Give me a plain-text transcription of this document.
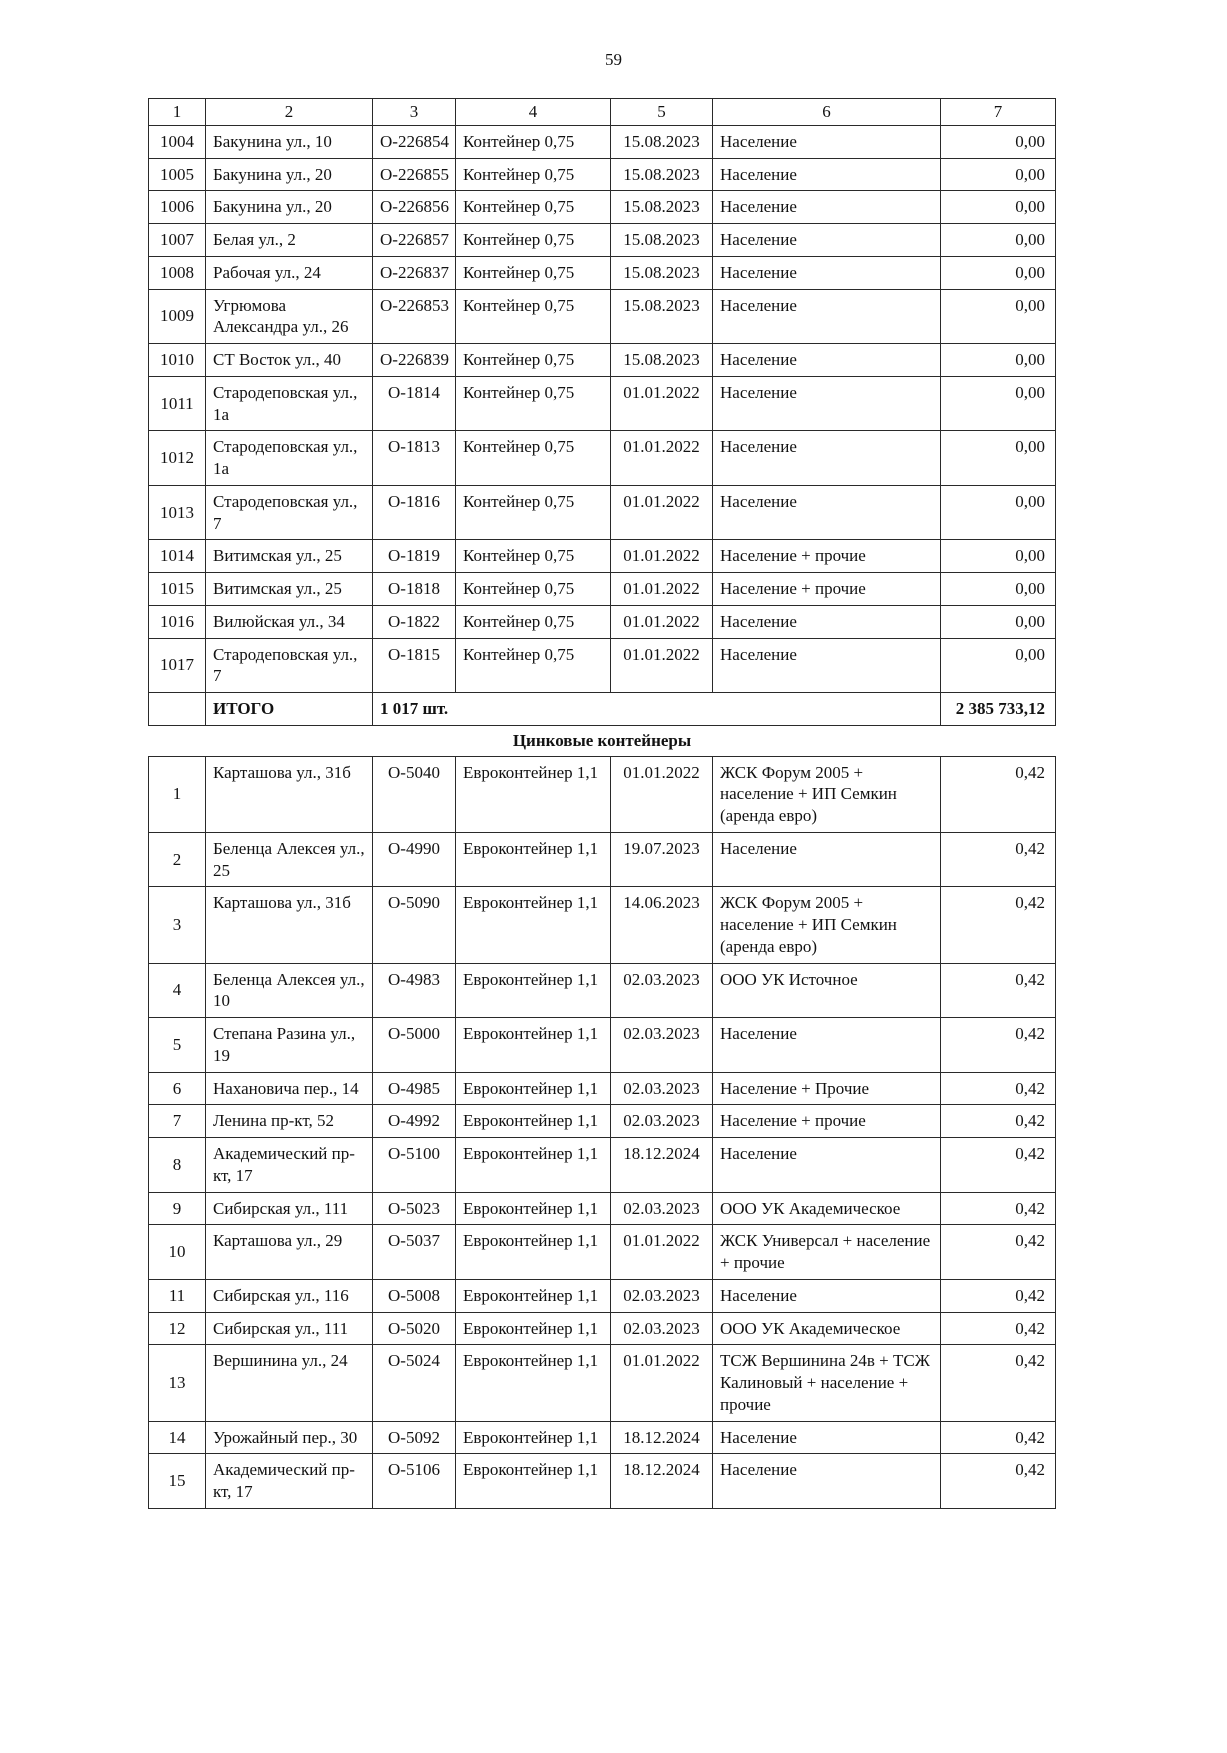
59
1	2	3	4	5	6	7
1004	Бакунина ул., 10	О-226854	Контейнер 0,75	15.08.2023	Население	0,00
1005	Бакунина ул., 20	О-226855	Контейнер 0,75	15.08.2023	Население	0,00
1006	Бакунина ул., 20	О-226856	Контейнер 0,75	15.08.2023	Население	0,00
1007	Белая ул., 2	О-226857	Контейнер 0,75	15.08.2023	Население	0,00
1008	Рабочая ул., 24	О-226837	Контейнер 0,75	15.08.2023	Население	0,00
1009	Угрюмова Александра ул., 26	О-226853	Контейнер 0,75	15.08.2023	Население	0,00
1010	СТ Восток ул., 40	О-226839	Контейнер 0,75	15.08.2023	Население	0,00
1011	Стародеповская ул., 1а	О-1814	Контейнер 0,75	01.01.2022	Население	0,00
1012	Стародеповская ул., 1а	О-1813	Контейнер 0,75	01.01.2022	Население	0,00
1013	Стародеповская ул., 7	О-1816	Контейнер 0,75	01.01.2022	Население	0,00
1014	Витимская ул., 25	О-1819	Контейнер 0,75	01.01.2022	Население + прочие	0,00
1015	Витимская ул., 25	О-1818	Контейнер 0,75	01.01.2022	Население + прочие	0,00
1016	Вилюйская ул., 34	О-1822	Контейнер 0,75	01.01.2022	Население	0,00
1017	Стародеповская ул., 7	О-1815	Контейнер 0,75	01.01.2022	Население	0,00
	ИТОГО	1 017 шт.				2 385 733,12
Цинковые контейнеры						
1	Карташова ул., 31б	О-5040	Евроконтейнер 1,1	01.01.2022	ЖСК Форум 2005 + население + ИП Семкин (аренда евро)	0,42
2	Беленца Алексея ул., 25	О-4990	Евроконтейнер 1,1	19.07.2023	Население	0,42
3	Карташова ул., 31б	О-5090	Евроконтейнер 1,1	14.06.2023	ЖСК Форум 2005 + население + ИП Семкин (аренда евро)	0,42
4	Беленца Алексея ул., 10	О-4983	Евроконтейнер 1,1	02.03.2023	ООО УК Источное	0,42
5	Степана Разина ул., 19	О-5000	Евроконтейнер 1,1	02.03.2023	Население	0,42
6	Нахановича пер., 14	О-4985	Евроконтейнер 1,1	02.03.2023	Население + Прочие	0,42
7	Ленина пр-кт, 52	О-4992	Евроконтейнер 1,1	02.03.2023	Население + прочие	0,42
8	Академический пр-кт, 17	О-5100	Евроконтейнер 1,1	18.12.2024	Население	0,42
9	Сибирская ул., 111	О-5023	Евроконтейнер 1,1	02.03.2023	ООО УК Академическое	0,42
10	Карташова ул., 29	О-5037	Евроконтейнер 1,1	01.01.2022	ЖСК Универсал + население + прочие	0,42
11	Сибирская ул., 116	О-5008	Евроконтейнер 1,1	02.03.2023	Население	0,42
12	Сибирская ул., 111	О-5020	Евроконтейнер 1,1	02.03.2023	ООО УК Академическое	0,42
13	Вершинина ул., 24	О-5024	Евроконтейнер 1,1	01.01.2022	ТСЖ Вершинина 24в + ТСЖ Калиновый + население + прочие	0,42
14	Урожайный пер., 30	О-5092	Евроконтейнер 1,1	18.12.2024	Население	0,42
15	Академический пр-кт, 17	О-5106	Евроконтейнер 1,1	18.12.2024	Население	0,42
